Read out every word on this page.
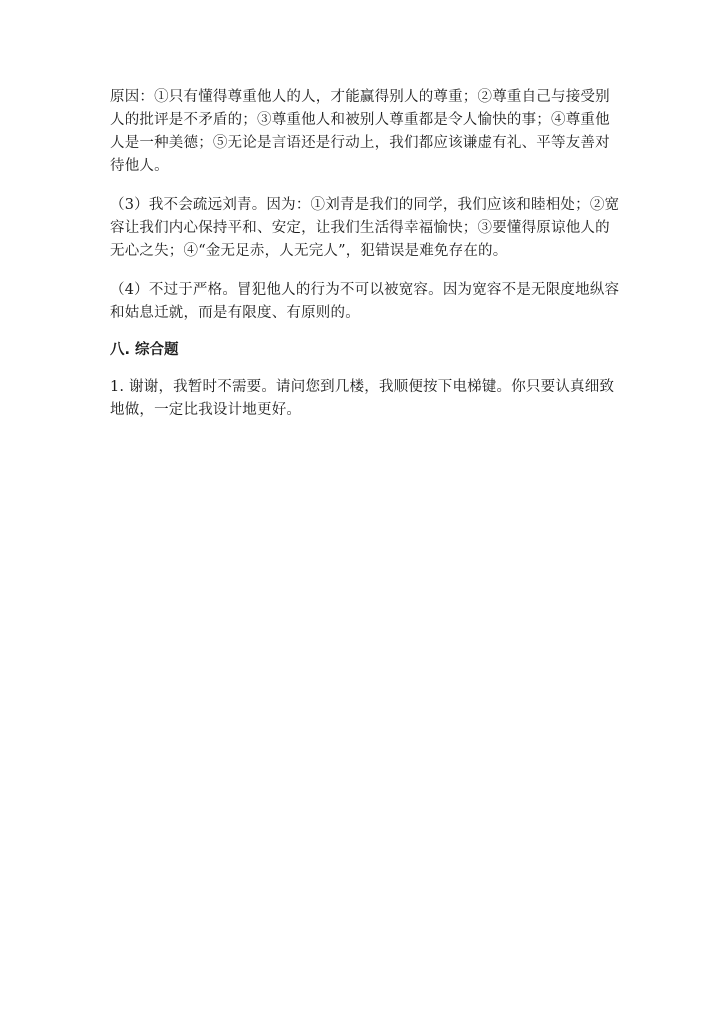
原因：①只有懂得尊重他人的人，才能赢得别人的尊重；②尊重自己与接受别
人的批评是不矛盾的；③尊重他人和被别人尊重都是令人愉快的事；④尊重他
人是一种美德；⑤无论是言语还是行动上，我们都应该谦虚有礼、平等友善对
待他人。

（3）我不会疏远刘青。因为：①刘青是我们的同学，我们应该和睦相处；②宽
容让我们内心保持平和、安定，让我们生活得幸福愉快；③要懂得原谅他人的
无心之失；④“金无足赤，人无完人”，犯错误是难免存在的。

（4）不过于严格。冒犯他人的行为不可以被宽容。因为宽容不是无限度地纵容
和姑息迁就，而是有限度、有原则的。

八. 综合题

1. 谢谢，我暂时不需要。请问您到几楼，我顺便按下电梯键。你只要认真细致
地做，一定比我设计地更好。
